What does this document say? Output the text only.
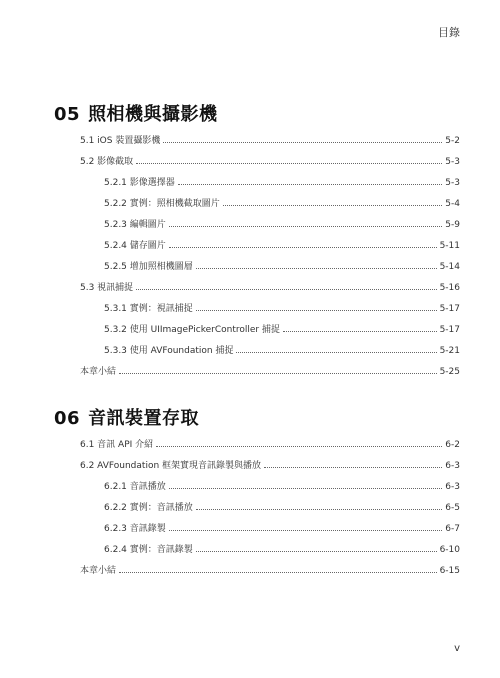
目錄
05 照相機與攝影機
5.1 iOS 裝置攝影機	5-2
5.2 影像截取	5-3
5.2.1 影像選擇器	5-3
5.2.2 實例：照相機截取圖片	5-4
5.2.3 編輯圖片	5-9
5.2.4 儲存圖片	5-11
5.2.5 增加照相機圖層	5-14
5.3 視訊捕捉	5-16
5.3.1 實例：視訊捕捉	5-17
5.3.2 使用 UIImagePickerController 捕捉	5-17
5.3.3 使用 AVFoundation 捕捉	5-21
本章小結	5-25
06 音訊裝置存取
6.1 音訊 API 介紹	6-2
6.2 AVFoundation 框架實現音訊錄製與播放	6-3
6.2.1 音訊播放	6-3
6.2.2 實例：音訊播放	6-5
6.2.3 音訊錄製	6-7
6.2.4 實例：音訊錄製	6-10
本章小結	6-15
v
